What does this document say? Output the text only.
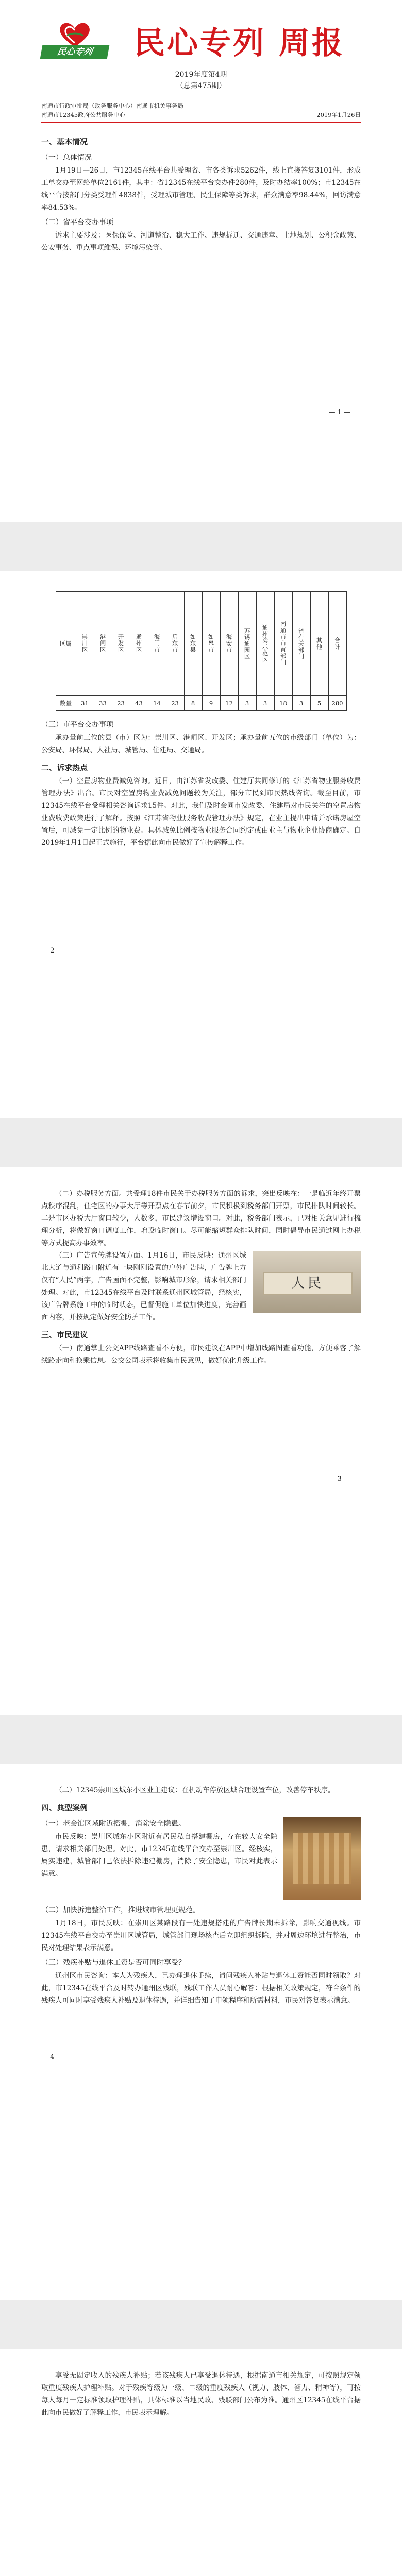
民心专列	民心专列 周报
2019年度第4期
（总第475期）
南通市行政审批局（政务服务中心）南通市机关事务局
南通市12345政府公共服务中心	2019年1月26日
一、基本情况
（一）总体情况

1月19日—26日，市12345在线平台共受理省、市各类诉求5262件，线上直接答复3101件，形成工单交办至网络单位2161件，其中：省12345在线平台交办件280件，及时办结率100%；市12345在线平台按部门分类受理件4838件，受理城市管理、民生保障等类诉求，群众满意率98.44%，回访满意率84.53%。

（二）省平台交办事项

诉求主要涉及：医保保险、河道整治、稳大工作、违规拆迁、交通违章、土地规划、公积金政策、公安事务、重点事项维保、环境污染等。

— 1 —
区属	崇川区	港闸区	开发区	通州区	海门市	启东市	如东县	如皋市	海安市	苏锡通园区	通州湾示范区	南通市市直部门	省有关部门	其他	合计
数量	31	33	23	43	14	23	8	9	12	3	3	18	3	5	280
（三）市平台交办事项

承办量前三位的县（市）区为：崇川区、港闸区、开发区；承办量前五位的市级部门（单位）为：公安局、环保局、人社局、城管局、住建局、交通局。

二、诉求热点

（一）空置房物业费减免咨询。近日，由江苏省发改委、住建厅共同修订的《江苏省物业服务收费管理办法》出台。市民对空置房物业费减免问题较为关注，部分市民到市民热线咨询。截至目前，市12345在线平台受理相关咨询诉求15件。对此，我们及时会同市发改委、住建局对市民关注的空置房物业费收费政策进行了解释。按照《江苏省物业服务收费管理办法》规定，在业主提出申请并承诺房屋空置后，可减免一定比例的物业费。具体减免比例按物业服务合同约定或由业主与物业企业协商确定。自2019年1月1日起正式施行，平台据此向市民做好了宣传解释工作。

— 2 —

（二）办税服务方面。共受理18件市民关于办税服务方面的诉求，突出反映在：一是临近年终开票点秩序混乱，住宅区的办事大厅等开票点在春节前夕，市民积极到税务部门开票，市民排队时间较长。二是市区办税大厅窗口较少，人数多，市民建议增设窗口。对此，税务部门表示，已对相关意见进行梳理分析，将做好窗口调度工作，增设临时窗口。尽可能缩短群众排队时间，同时倡导市民通过网上办税等方式提高办事效率。

人民

（三）广告宣传牌设置方面。1月16日，市民反映：通州区城北大道与通利路口附近有一块刚刚设置的户外广告牌，广告牌上方仅有“人民”两字，广告画面不完整，影响城市形象，请求相关部门处理。对此，市12345在线平台及时联系通州区城管局，经核实，该广告牌系施工中的临时状态，已督促施工单位加快进度，完善画面内容，并按规定做好安全防护工作。

三、市民建议

（一）南通掌上公交APP线路查看不方便，市民建议在APP中增加线路图查看功能，方便乘客了解线路走向和换乘信息。公交公司表示将收集市民意见，做好优化升级工作。

— 3 —

（二）12345崇川区城东小区业主建议：在机动车停放区域合理设置车位，改善停车秩序。

四、典型案例
（一）老会馆区域附近搭棚，消除安全隐患。

市民反映：崇川区城东小区附近有居民私自搭建棚房，存在较大安全隐患，请求相关部门处理。对此，市12345在线平台交办至崇川区。经核实，属实违建，城管部门已依法拆除违建棚房，消除了安全隐患，市民对此表示满意。

（二）加快拆违整治工作，推进城市管理更规范。

1月18日，市民反映：在崇川区某路段有一处违规搭建的广告牌长期未拆除，影响交通视线。市12345在线平台交办至崇川区城管局，城管部门现场核查后立即组织拆除，并对周边环境进行整治，市民对处理结果表示满意。

（三）残疾补贴与退休工资是否可同时享受？

通州区市民咨询：本人为残疾人，已办理退休手续，请问残疾人补贴与退休工资能否同时领取？对此，市12345在线平台及时转办通州区残联，残联工作人员耐心解答：根据相关政策规定，符合条件的残疾人可同时享受残疾人补贴及退休待遇，并详细告知了申领程序和所需材料，市民对答复表示满意。

— 4 —

享受无固定收入的残疾人补贴；若该残疾人已享受退休待遇，根据南通市相关规定，可按照规定领取重度残疾人护理补贴。对于残疾等级为一级、二级的重度残疾人（视力、肢体、智力、精神等），可按每人每月一定标准领取护理补贴，具体标准以当地民政、残联部门公布为准。通州区12345在线平台据此向市民做好了解释工作，市民表示理解。
